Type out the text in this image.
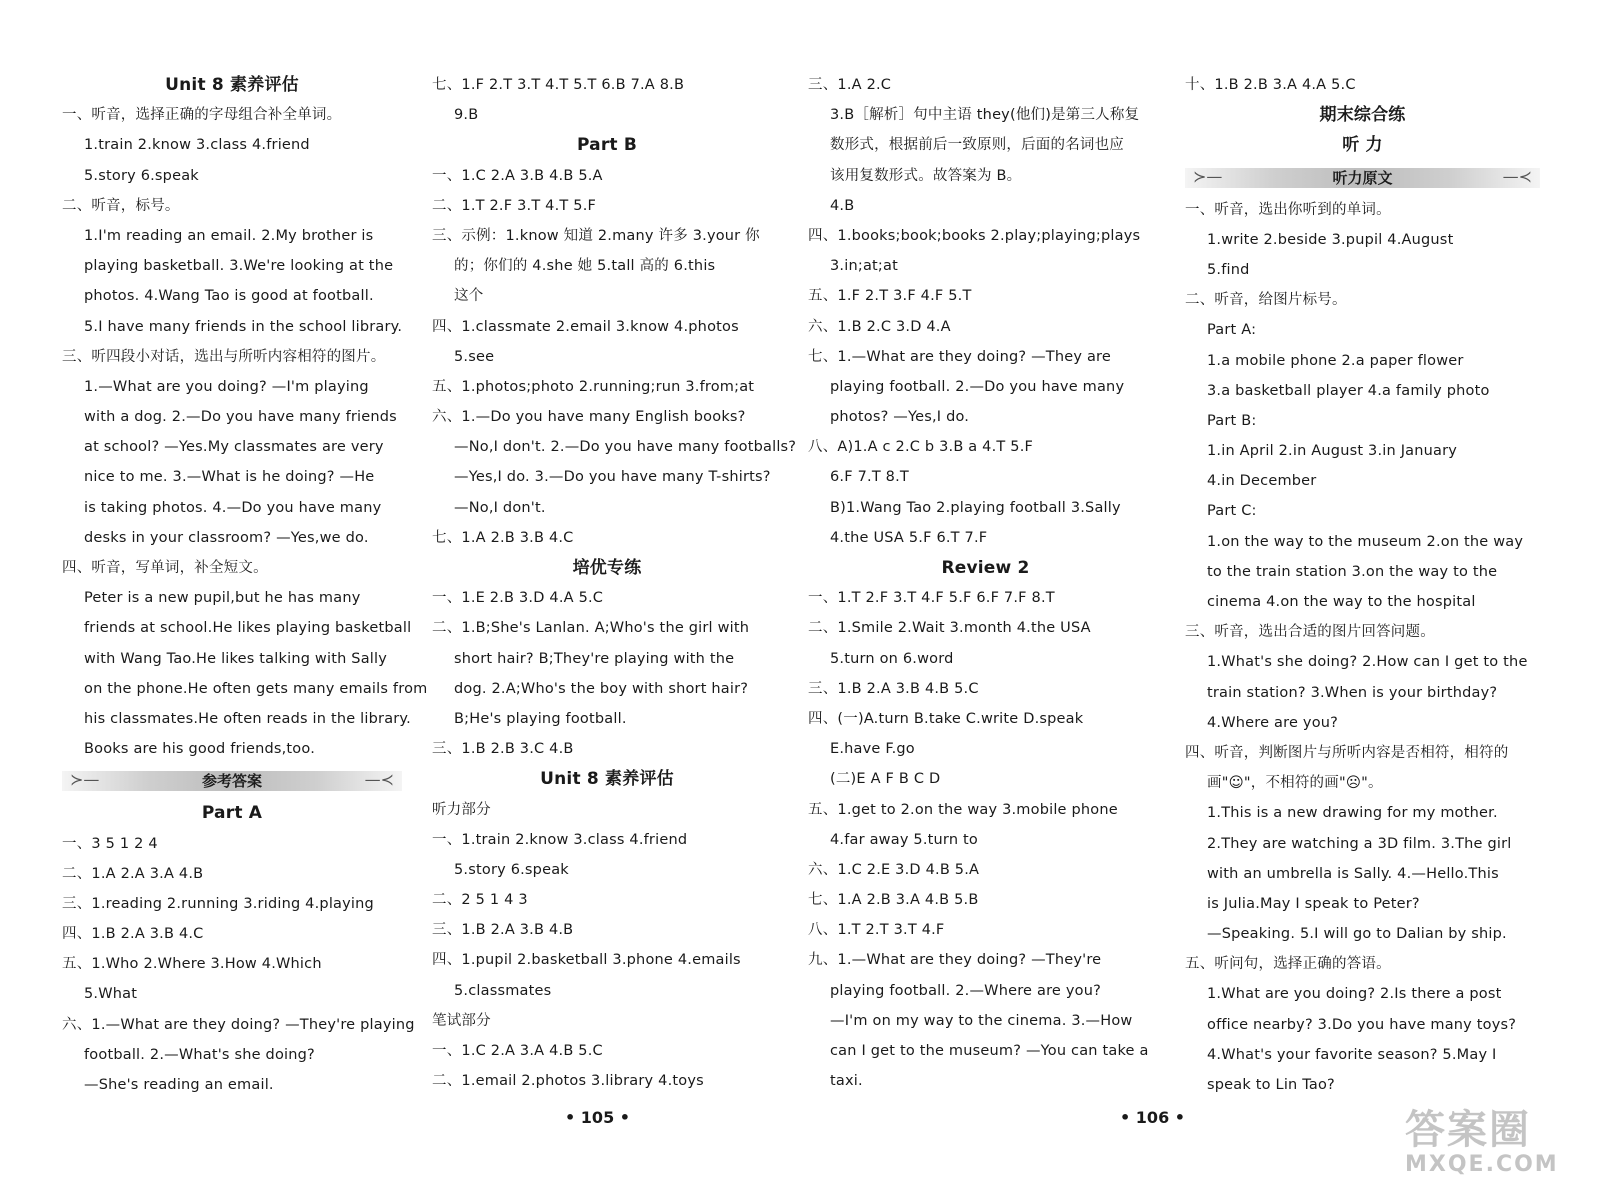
Unit 8 素养评估
一、听音，选择正确的字母组合补全单词。
1.train 2.know 3.class 4.friend
5.story 6.speak
二、听音，标号。
1.I'm reading an email. 2.My brother is
playing basketball. 3.We're looking at the
photos. 4.Wang Tao is good at football.
5.I have many friends in the school library.
三、听四段小对话，选出与所听内容相符的图片。
1.—What are you doing? —I'm playing
with a dog. 2.—Do you have many friends
at school? —Yes.My classmates are very
nice to me. 3.—What is he doing? —He
is taking photos. 4.—Do you have many
desks in your classroom? —Yes,we do.
四、听音，写单词，补全短文。
Peter is a new pupil,but he has many
friends at school.He likes playing basketball
with Wang Tao.He likes talking with Sally
on the phone.He often gets many emails from
his classmates.He often reads in the library.
Books are his good friends,too.
≻—	—≺
参考答案
Part A
一、3 5 1 2 4
二、1.A 2.A 3.A 4.B
三、1.reading 2.running 3.riding 4.playing
四、1.B 2.A 3.B 4.C
五、1.Who 2.Where 3.How 4.Which
5.What
六、1.—What are they doing? —They're playing
football. 2.—What's she doing?
—She's reading an email.
七、1.F 2.T 3.T 4.T 5.T 6.B 7.A 8.B
9.B
Part B
一、1.C 2.A 3.B 4.B 5.A
二、1.T 2.F 3.T 4.T 5.F
三、示例：1.know 知道 2.many 许多 3.your 你
的；你们的 4.she 她 5.tall 高的 6.this
这个
四、1.classmate 2.email 3.know 4.photos
5.see
五、1.photos;photo 2.running;run 3.from;at
六、1.—Do you have many English books?
—No,I don't. 2.—Do you have many footballs?
—Yes,I do. 3.—Do you have many T-shirts?
—No,I don't.
七、1.A 2.B 3.B 4.C
培优专练
一、1.E 2.B 3.D 4.A 5.C
二、1.B;She's Lanlan. A;Who's the girl with
short hair? B;They're playing with the
dog. 2.A;Who's the boy with short hair?
B;He's playing football.
三、1.B 2.B 3.C 4.B
Unit 8 素养评估
听力部分
一、1.train 2.know 3.class 4.friend
5.story 6.speak
二、2 5 1 4 3
三、1.B 2.A 3.B 4.B
四、1.pupil 2.basketball 3.phone 4.emails
5.classmates
笔试部分
一、1.C 2.A 3.A 4.B 5.C
二、1.email 2.photos 3.library 4.toys
三、1.A 2.C
3.B［解析］句中主语 they(他们)是第三人称复
数形式，根据前后一致原则，后面的名词也应
该用复数形式。故答案为 B。
4.B
四、1.books;book;books 2.play;playing;plays
3.in;at;at
五、1.F 2.T 3.F 4.F 5.T
六、1.B 2.C 3.D 4.A
七、1.—What are they doing? —They are
playing football. 2.—Do you have many
photos? —Yes,I do.
八、A)1.A c 2.C b 3.B a 4.T 5.F
6.F 7.T 8.T
B)1.Wang Tao 2.playing football 3.Sally
4.the USA 5.F 6.T 7.F
Review 2
一、1.T 2.F 3.T 4.F 5.F 6.F 7.F 8.T
二、1.Smile 2.Wait 3.month 4.the USA
5.turn on 6.word
三、1.B 2.A 3.B 4.B 5.C
四、(一)A.turn B.take C.write D.speak
E.have F.go
(二)E A F B C D
五、1.get to 2.on the way 3.mobile phone
4.far away 5.turn to
六、1.C 2.E 3.D 4.B 5.A
七、1.A 2.B 3.A 4.B 5.B
八、1.T 2.T 3.T 4.F
九、1.—What are they doing? —They're
playing football. 2.—Where are you?
—I'm on my way to the cinema. 3.—How
can I get to the museum? —You can take a
taxi.
十、1.B 2.B 3.A 4.A 5.C
期末综合练
听 力
≻—	—≺
听力原文
一、听音，选出你听到的单词。
1.write 2.beside 3.pupil 4.August
5.find
二、听音，给图片标号。
Part A:
1.a mobile phone 2.a paper flower
3.a basketball player 4.a family photo
Part B:
1.in April 2.in August 3.in January
4.in December
Part C:
1.on the way to the museum 2.on the way
to the train station 3.on the way to the
cinema 4.on the way to the hospital
三、听音，选出合适的图片回答问题。
1.What's she doing? 2.How can I get to the
train station? 3.When is your birthday?
4.Where are you?
四、听音，判断图片与所听内容是否相符，相符的
画"☺"，不相符的画"☹"。
1.This is a new drawing for my mother.
2.They are watching a 3D film. 3.The girl
with an umbrella is Sally. 4.—Hello.This
is Julia.May I speak to Peter?
—Speaking. 5.I will go to Dalian by ship.
五、听问句，选择正确的答语。
1.What are you doing? 2.Is there a post
office nearby? 3.Do you have many toys?
4.What's your favorite season? 5.May I
speak to Lin Tao?
• 105 •	• 106 •	答案圈
MXQE.COM
